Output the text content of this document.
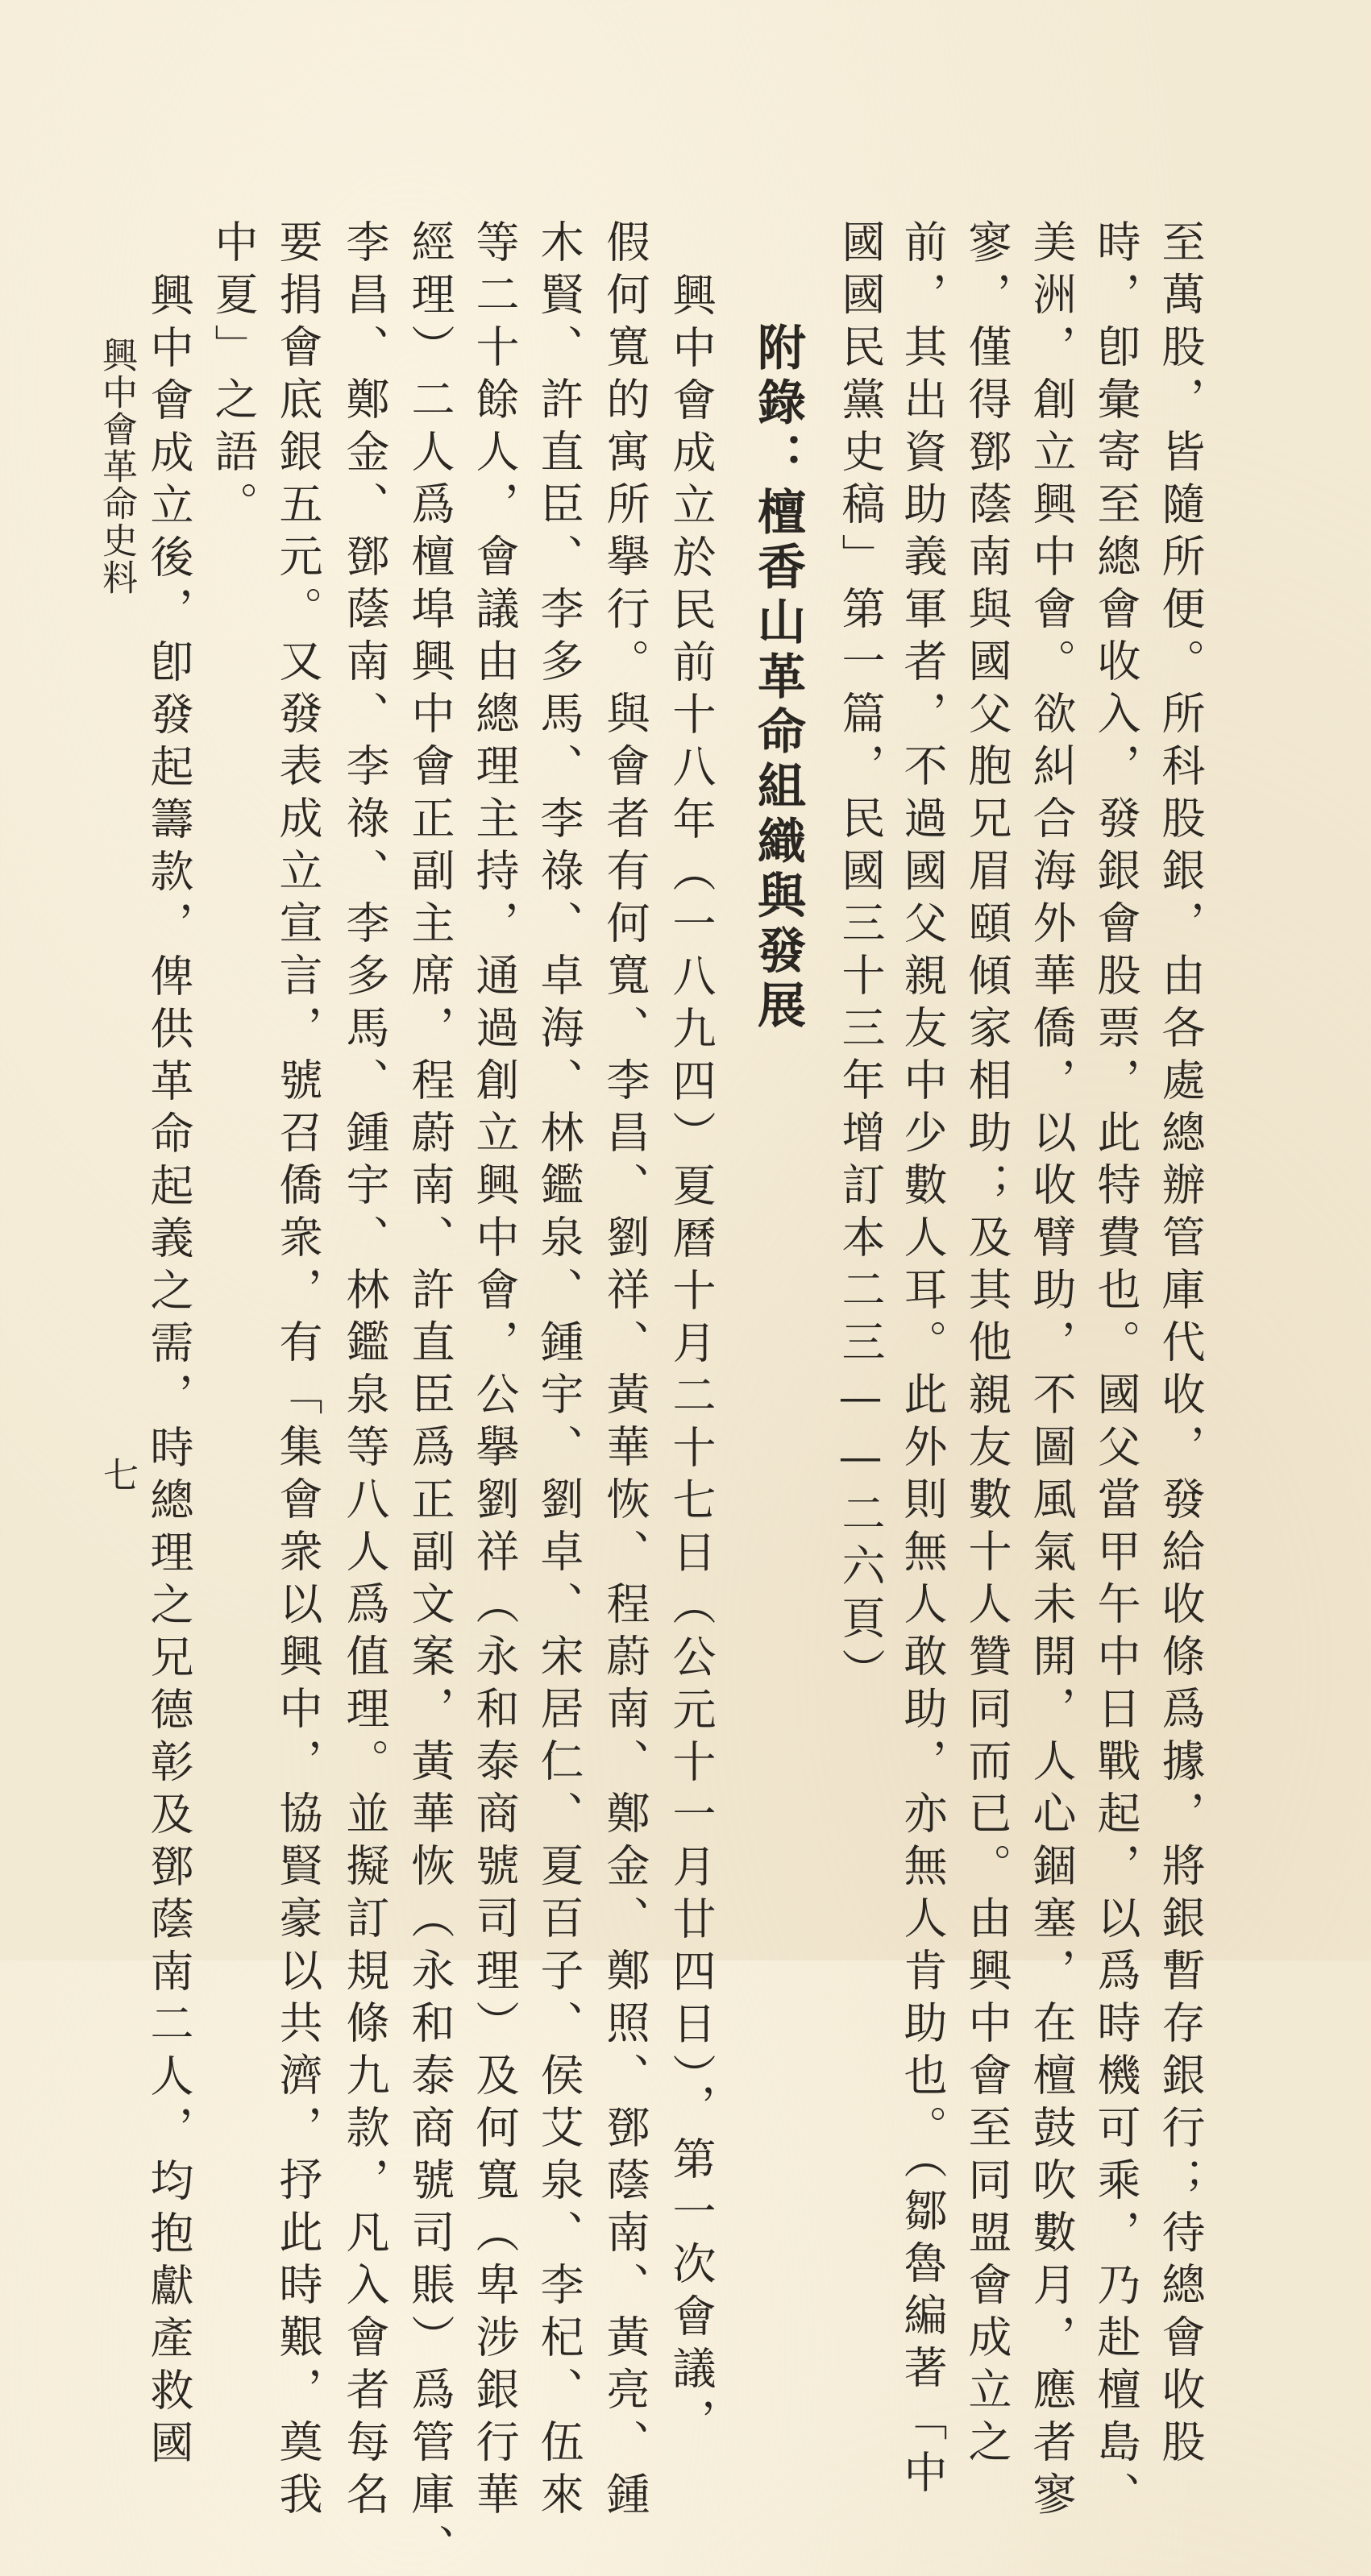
至萬股，皆隨所便。所科股銀，由各處總辦管庫代收，發給收條爲據，將銀暫存銀行；待總會收股
時，卽彙寄至總會收入，發銀會股票，此特費也。國父當甲午中日戰起，以爲時機可乘，乃赴檀島、
美洲，創立興中會。欲糾合海外華僑，以收臂助，不圖風氣未開，人心錮塞，在檀鼓吹數月，應者寥
寥，僅得鄧蔭南與國父胞兄眉頤傾家相助；及其他親友數十人贊同而已。由興中會至同盟會成立之
前，其出資助義軍者，不過國父親友中少數人耳。此外則無人敢助，亦無人肯助也。（鄒魯編著「中
國國民黨史稿」第一篇，民國三十三年增訂本二三——二六頁）
附錄：檀香山革命組織與發展
興中會成立於民前十八年（一八九四）夏曆十月二十七日（公元十一月廿四日），第一次會議，
假何寬的寓所擧行。與會者有何寬、李昌、劉祥、黃華恢、程蔚南、鄭金、鄭照、鄧蔭南、黃亮、鍾
木賢、許直臣、李多馬、李祿、卓海、林鑑泉、鍾宇、劉卓、宋居仁、夏百子、侯艾泉、李杞、伍來
等二十餘人，會議由總理主持，通過創立興中會，公擧劉祥（永和泰商號司理）及何寬（卑涉銀行華
經理）二人爲檀埠興中會正副主席，程蔚南、許直臣爲正副文案，黃華恢（永和泰商號司賬）爲管庫、
李昌、鄭金、鄧蔭南、李祿、李多馬、鍾宇、林鑑泉等八人爲值理。並擬訂規條九款，凡入會者每名
要捐會底銀五元。又發表成立宣言，號召僑衆，有「集會衆以興中，協賢豪以共濟，抒此時艱，奠我
中夏」之語。
興中會成立後，卽發起籌款，俾供革命起義之需，時總理之兄德彰及鄧蔭南二人，均抱獻產救國
興中會革命史料
七
